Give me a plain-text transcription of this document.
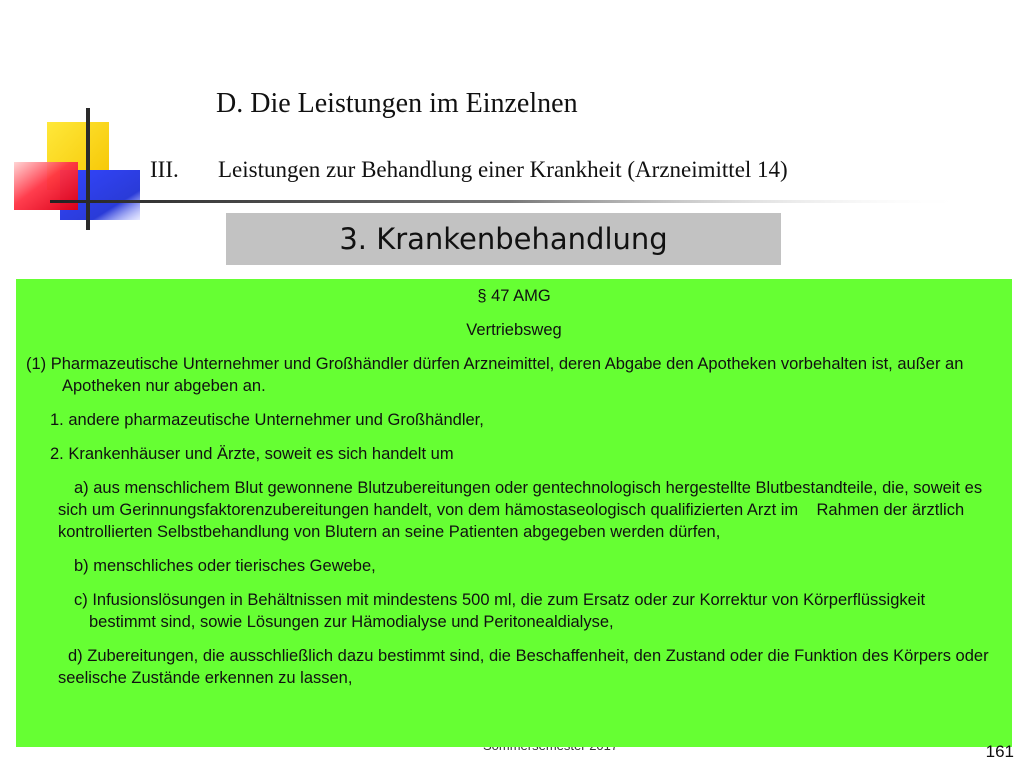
D. Die Leistungen im Einzelnen
III. Leistungen zur Behandlung einer Krankheit (Arzneimittel 14)
3. Krankenbehandlung
§ 47 AMG
Vertriebsweg
(1) Pharmazeutische Unternehmer und Großhändler dürfen Arzneimittel, deren Abgabe den Apotheken vorbehalten ist, außer an Apotheken nur abgeben an.
1. andere pharmazeutische Unternehmer und Großhändler,
2. Krankenhäuser und Ärzte, soweit es sich handelt um
a) aus menschlichem Blut gewonnene Blutzubereitungen oder gentechnologisch hergestellte Blutbestandteile, die, soweit es sich um Gerinnungsfaktorenzubereitungen handelt, von dem hämostaseologisch qualifizierten Arzt im    Rahmen der ärztlich kontrollierten Selbstbehandlung von Blutern an seine Patienten abgegeben werden dürfen,
b) menschliches oder tierisches Gewebe,
c) Infusionslösungen in Behältnissen mit mindestens 500 ml, die zum Ersatz oder zur Korrektur von Körperflüssigkeit bestimmt sind, sowie Lösungen zur Hämodialyse und Peritonealdialyse,
d) Zubereitungen, die ausschließlich dazu bestimmt sind, die Beschaffenheit, den Zustand oder die Funktion des Körpers oder seelische Zustände erkennen zu lassen,
161
